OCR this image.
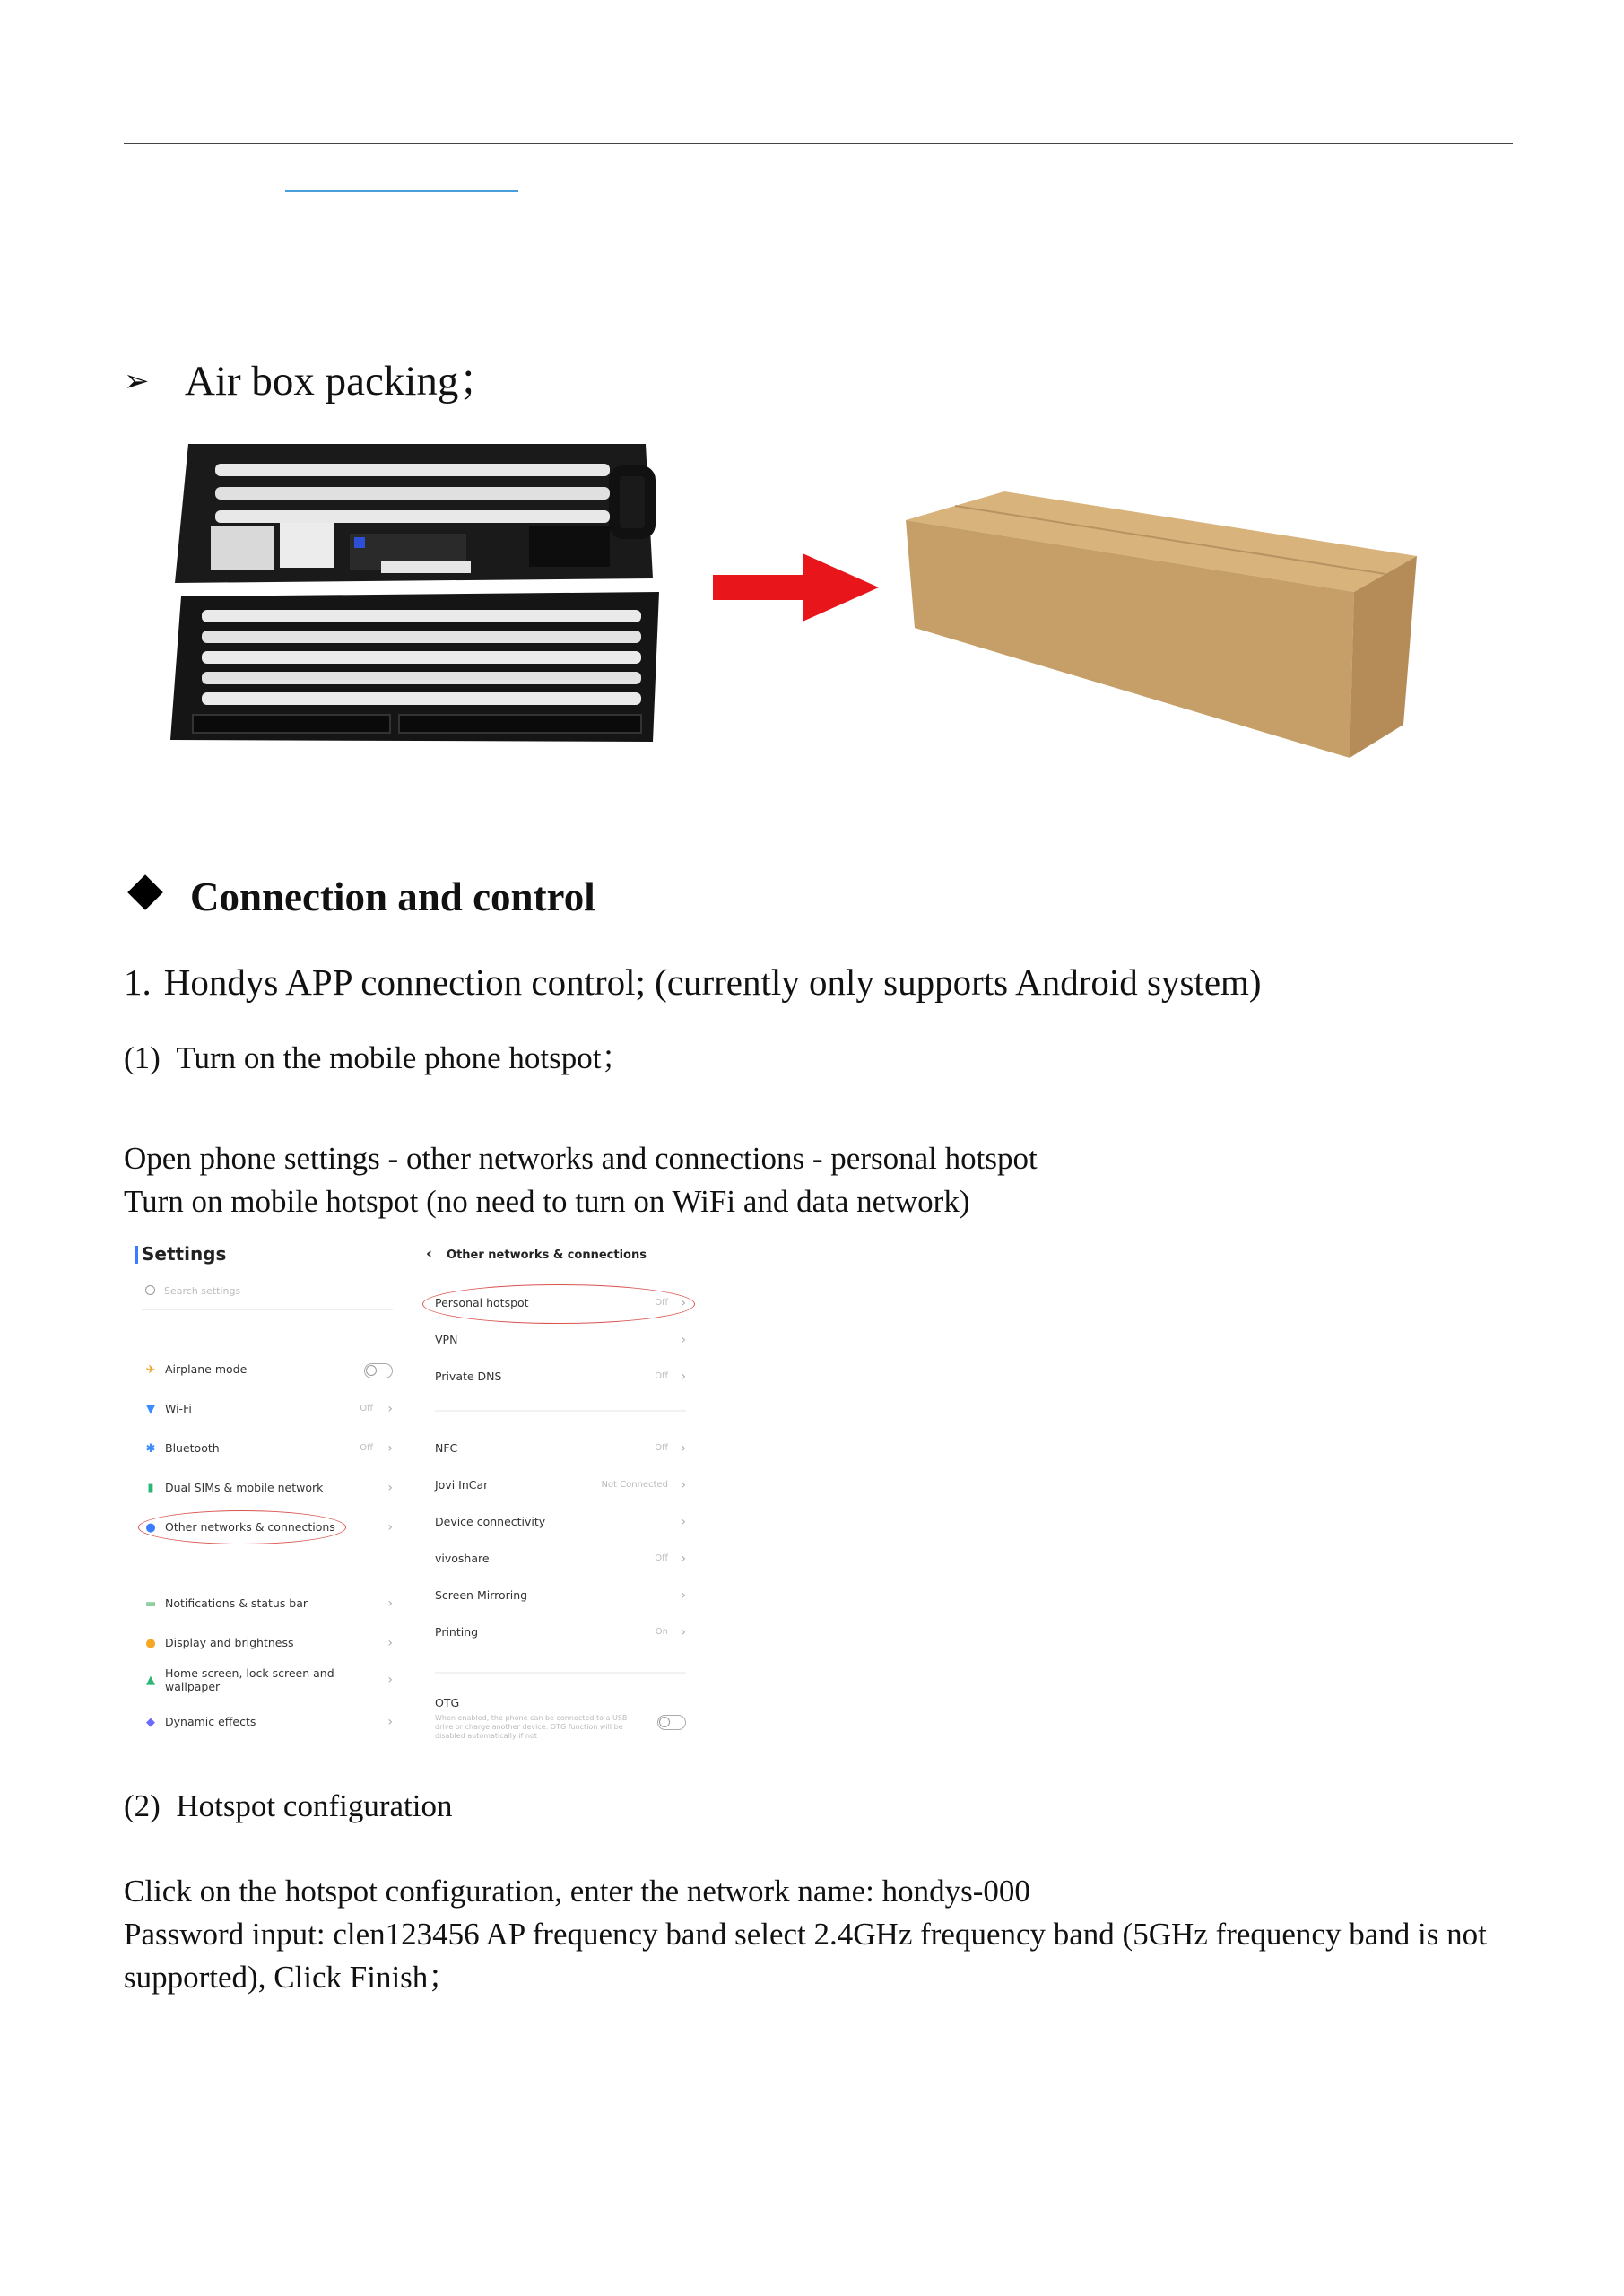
➢ Air box packing；
Connection and control
1. Hondys APP connection control; (currently only supports Android system)
(1) Turn on the mobile phone hotspot；
Open phone settings - other networks and connections - personal hotspot
Turn on mobile hotspot (no need to turn on WiFi and data network)
Settings
Search settings
✈ Airplane mode
▼ Wi-Fi	Off ›
✱ Bluetooth	Off ›
▮ Dual SIMs & mobile network	›
● Other networks & connections	›
▬ Notifications & status bar	›
● Display and brightness	›
▲
Home screen, lock screen and wallpaper	›
◆ Dynamic effects	›
‹ Other networks & connections
Personal hotspot	Off ›
VPN	›
Private DNS	Off ›
NFC	Off ›
Jovi InCar	Not Connected ›
Device connectivity	›
vivoshare	Off ›
Screen Mirroring	›
Printing	On ›
OTG
When enabled, the phone can be connected to a USB drive or charge another device. OTG function will be disabled automatically if not
(2) Hotspot configuration
Click on the hotspot configuration, enter the network name: hondys-000
Password input: clen123456 AP frequency band select 2.4GHz frequency band (5GHz frequency band is not supported), Click Finish；
